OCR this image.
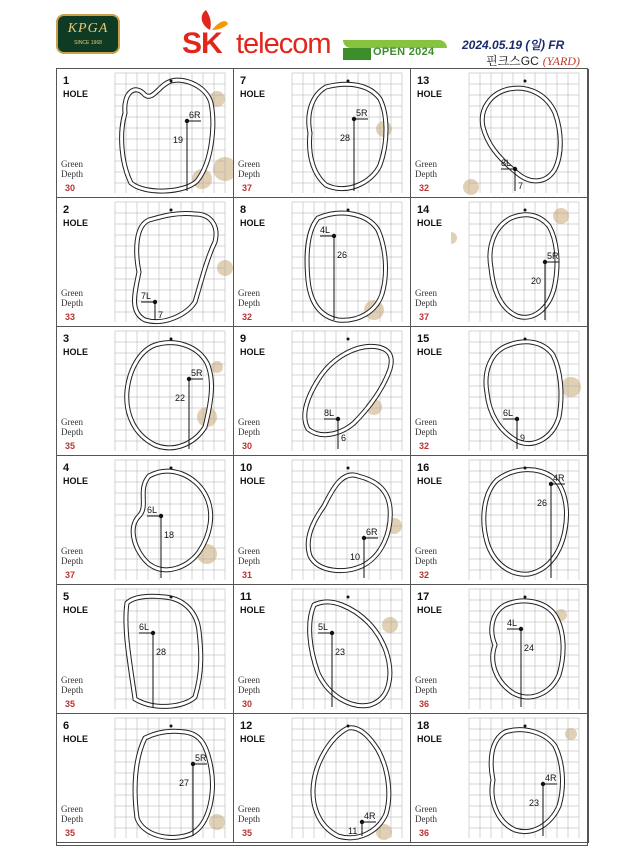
KPGA
SINCE 1968	SK telecom	OPEN 2024 2024.05.19 (일) FR
핀크스GC (YARD)
6R
19
1
HOLE
Green
Depth
30
7L
7
2
HOLE
Green
Depth
33
5R
22
3
HOLE
Green
Depth
35
6L
18
4
HOLE
Green
Depth
37
6L
28
5
HOLE
Green
Depth
35
5R
27
6
HOLE
Green
Depth
35
5R
28
7
HOLE
Green
Depth
37
4L
26
8
HOLE
Green
Depth
32
8L
6
9
HOLE
Green
Depth
30
6R
10
10
HOLE
Green
Depth
31
5L
23
11
HOLE
Green
Depth
30
4R
11
12
HOLE
Green
Depth
35
8L
7
13
HOLE
Green
Depth
32
5R
20
14
HOLE
Green
Depth
37
6L
9
15
HOLE
Green
Depth
32
4R
26
16
HOLE
Green
Depth
32
4L
24
17
HOLE
Green
Depth
36
4R
23
18
HOLE
Green
Depth
36
